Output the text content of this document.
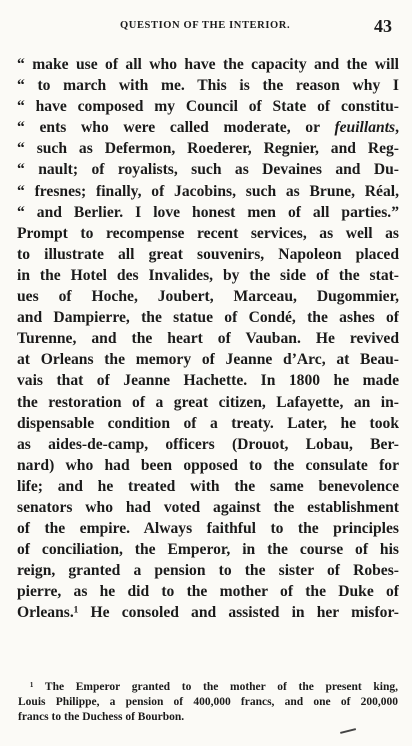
QUESTION OF THE INTERIOR.	43
“ make use of all who have the capacity and the will
“ to march with me. This is the reason why I
“ have composed my Council of State of constitu-
“ ents who were called moderate, or feuillants,
“ such as Defermon, Roederer, Regnier, and Reg-
“ nault; of royalists, such as Devaines and Du-
“ fresnes; finally, of Jacobins, such as Brune, Réal,
“ and Berlier. I love honest men of all parties.”
Prompt to recompense recent services, as well as
to illustrate all great souvenirs, Napoleon placed
in the Hotel des Invalides, by the side of the stat-
ues of Hoche, Joubert, Marceau, Dugommier,
and Dampierre, the statue of Condé, the ashes of
Turenne, and the heart of Vauban. He revived
at Orleans the memory of Jeanne d’Arc, at Beau-
vais that of Jeanne Hachette. In 1800 he made
the restoration of a great citizen, Lafayette, an in-
dispensable condition of a treaty. Later, he took
as aides-de-camp, officers (Drouot, Lobau, Ber-
nard) who had been opposed to the consulate for
life; and he treated with the same benevolence
senators who had voted against the establishment
of the empire. Always faithful to the principles
of conciliation, the Emperor, in the course of his
reign, granted a pension to the sister of Robes-
pierre, as he did to the mother of the Duke of
Orleans.¹ He consoled and assisted in her misfor-
¹ The Emperor granted to the mother of the present king,
Louis Philippe, a pension of 400,000 francs, and one of 200,000
francs to the Duchess of Bourbon.
